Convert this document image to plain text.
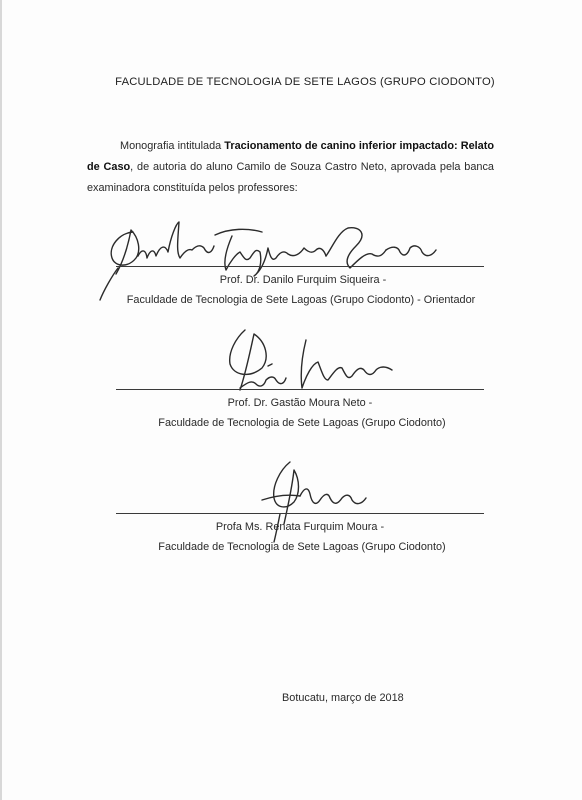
FACULDADE DE TECNOLOGIA DE SETE LAGOS (GRUPO CIODONTO)
Monografia intitulada Tracionamento de canino inferior impactado: Relato de Caso, de autoria do aluno Camilo de Souza Castro Neto, aprovada pela banca examinadora constituída pelos professores:
Prof. Dr. Danilo Furquim Siqueira -
Faculdade de Tecnologia de Sete Lagoas (Grupo Ciodonto) - Orientador
Prof. Dr. Gastão Moura Neto -
Faculdade de Tecnologia de Sete Lagoas (Grupo Ciodonto)
Profa Ms. Renata Furquim Moura -
Faculdade de Tecnologia de Sete Lagoas (Grupo Ciodonto)
Botucatu, março de 2018
